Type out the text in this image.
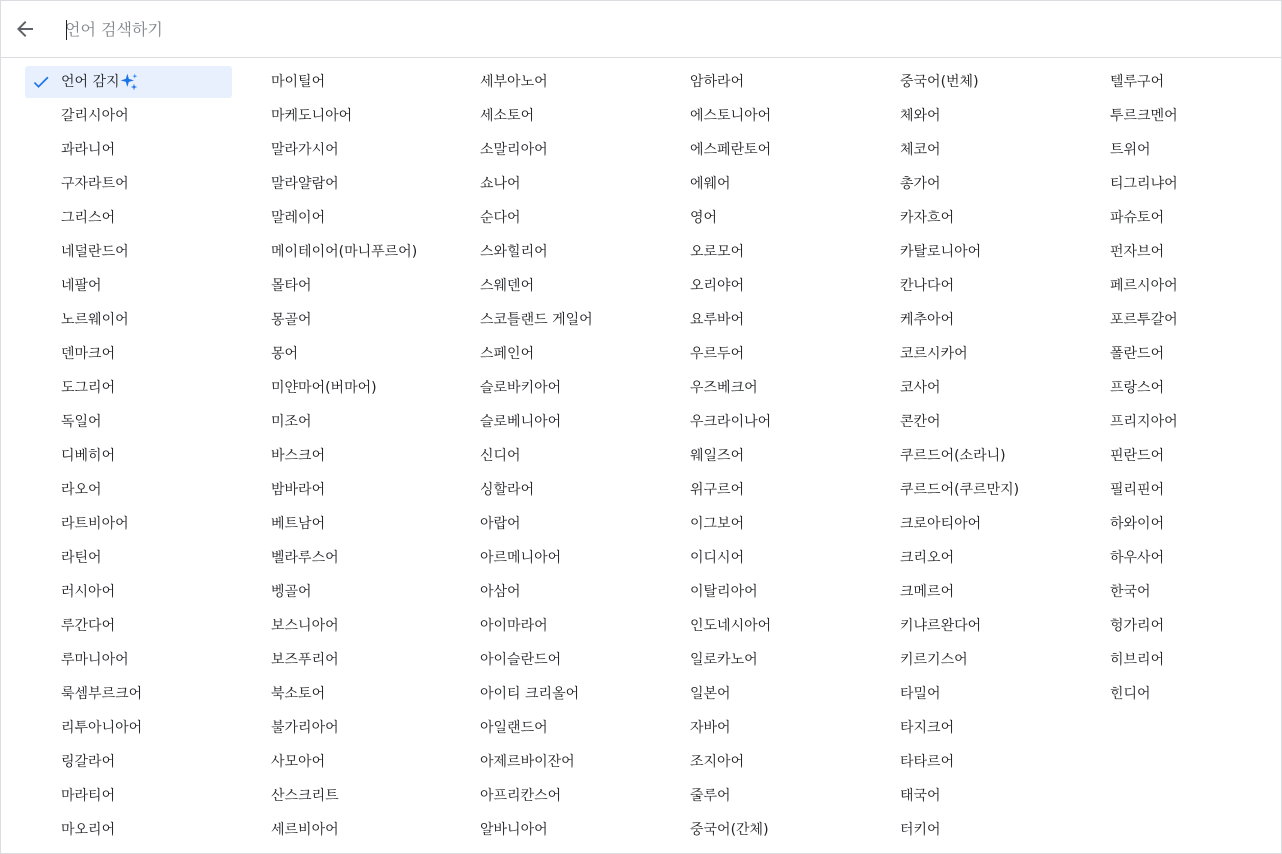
언어 검색하기
언어 감지
갈리시아어
과라니어
구자라트어
그리스어
네덜란드어
네팔어
노르웨이어
덴마크어
도그리어
독일어
디베히어
라오어
라트비아어
라틴어
러시아어
루간다어
루마니아어
룩셈부르크어
리투아니아어
링갈라어
마라티어
마오리어
마이틸어
마케도니아어
말라가시어
말라얄람어
말레이어
메이테이어(마니푸르어)
몰타어
몽골어
몽어
미얀마어(버마어)
미조어
바스크어
밤바라어
베트남어
벨라루스어
벵골어
보스니아어
보즈푸리어
북소토어
불가리아어
사모아어
산스크리트
세르비아어
세부아노어
세소토어
소말리아어
쇼나어
순다어
스와힐리어
스웨덴어
스코틀랜드 게일어
스페인어
슬로바키아어
슬로베니아어
신디어
싱할라어
아랍어
아르메니아어
아삼어
아이마라어
아이슬란드어
아이티 크리올어
아일랜드어
아제르바이잔어
아프리칸스어
알바니아어
암하라어
에스토니아어
에스페란토어
에웨어
영어
오로모어
오리야어
요루바어
우르두어
우즈베크어
우크라이나어
웨일즈어
위구르어
이그보어
이디시어
이탈리아어
인도네시아어
일로카노어
일본어
자바어
조지아어
줄루어
중국어(간체)
중국어(번체)
체와어
체코어
총가어
카자흐어
카탈로니아어
칸나다어
케추아어
코르시카어
코사어
콘칸어
쿠르드어(소라니)
쿠르드어(쿠르만지)
크로아티아어
크리오어
크메르어
키냐르완다어
키르기스어
타밀어
타지크어
타타르어
태국어
터키어
텔루구어
투르크멘어
트위어
티그리냐어
파슈토어
펀자브어
페르시아어
포르투갈어
폴란드어
프랑스어
프리지아어
핀란드어
필리핀어
하와이어
하우사어
한국어
헝가리어
히브리어
힌디어
